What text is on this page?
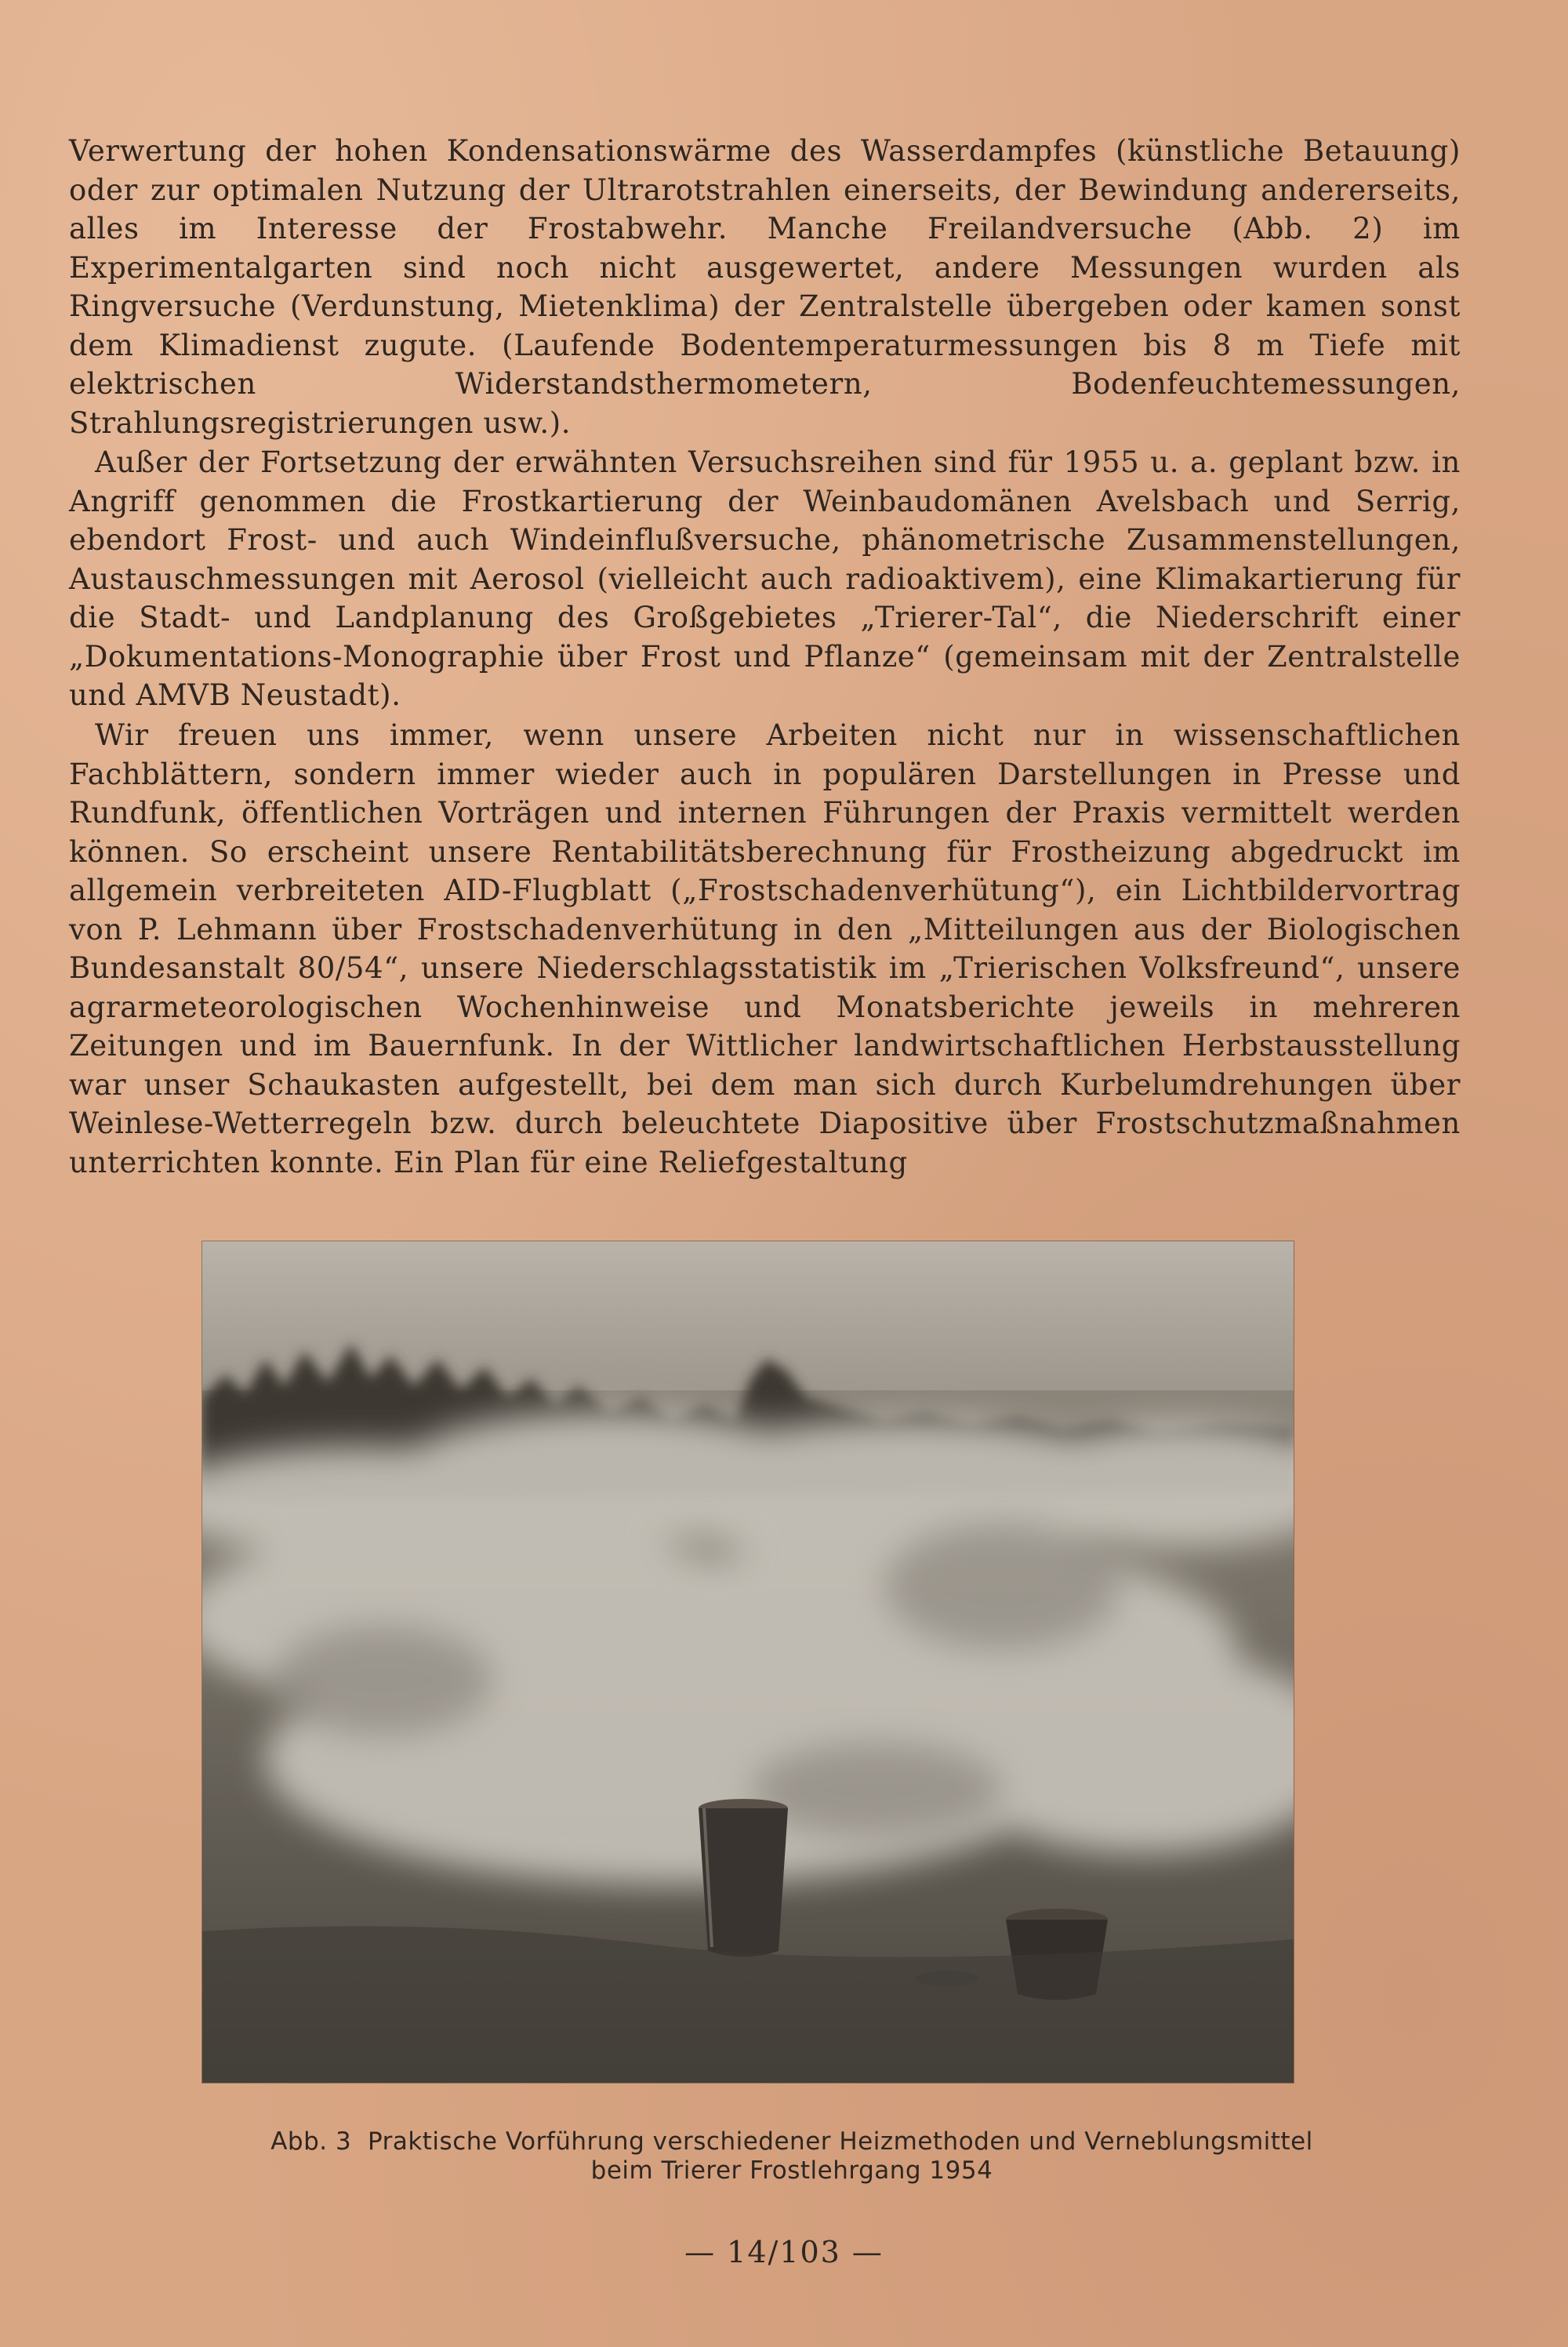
Verwertung der hohen Kondensationswärme des Wasserdampfes (künstliche Betauung) oder zur optimalen Nutzung der Ultrarotstrahlen einerseits, der Bewindung andererseits, alles im Interesse der Frostabwehr. Manche Freilandversuche (Abb. 2) im Experimentalgarten sind noch nicht ausgewertet, andere Messungen wurden als Ringversuche (Verdunstung, Mietenklima) der Zentralstelle übergeben oder kamen sonst dem Klimadienst zugute. (Laufende Bodentemperaturmessungen bis 8 m Tiefe mit elektrischen Widerstandsthermometern, Bodenfeuchtemessungen, Strahlungsregistrierungen usw.).

Außer der Fortsetzung der erwähnten Versuchsreihen sind für 1955 u. a. geplant bzw. in Angriff genommen die Frostkartierung der Weinbaudomänen Avelsbach und Serrig, ebendort Frost- und auch Windeinflußversuche, phänometrische Zusammenstellungen, Austauschmessungen mit Aerosol (vielleicht auch radioaktivem), eine Klimakartierung für die Stadt- und Landplanung des Großgebietes „Trierer-Tal“, die Niederschrift einer „Dokumentations-Monographie über Frost und Pflanze“ (gemeinsam mit der Zentralstelle und AMVB Neustadt).

Wir freuen uns immer, wenn unsere Arbeiten nicht nur in wissenschaftlichen Fachblättern, sondern immer wieder auch in populären Darstellungen in Presse und Rundfunk, öffentlichen Vorträgen und internen Führungen der Praxis vermittelt werden können. So erscheint unsere Rentabilitätsberechnung für Frostheizung abgedruckt im allgemein verbreiteten AID-Flugblatt („Frostschadenverhütung“), ein Lichtbildervortrag von P. Lehmann über Frostschadenverhütung in den „Mitteilungen aus der Biologischen Bundesanstalt 80/54“, unsere Niederschlagsstatistik im „Trierischen Volksfreund“, unsere agrarmeteorologischen Wochenhinweise und Monatsberichte jeweils in mehreren Zeitungen und im Bauernfunk. In der Wittlicher landwirtschaftlichen Herbstausstellung war unser Schaukasten aufgestellt, bei dem man sich durch Kurbelumdrehungen über Weinlese-Wetterregeln bzw. durch beleuchtete Diapositive über Frostschutzmaßnahmen unterrichten konnte. Ein Plan für eine Reliefgestaltung

Abb. 3 Praktische Vorführung verschiedener Heizmethoden und Verneblungsmittel
beim Trierer Frostlehrgang 1954
— 14/103 —
